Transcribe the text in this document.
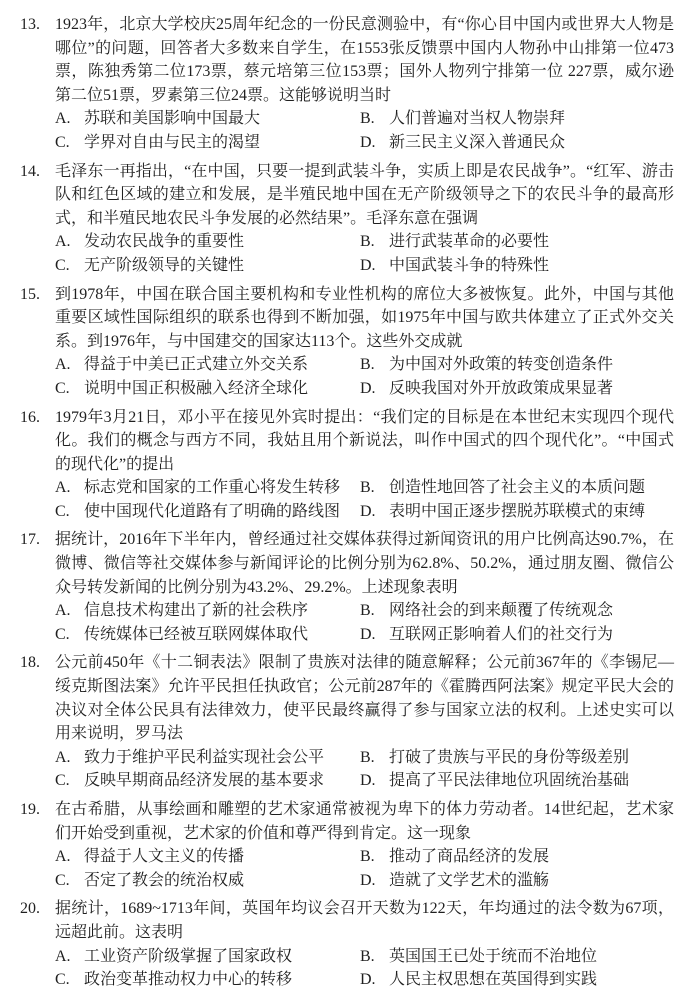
13. 1923年，北京大学校庆25周年纪念的一份民意测验中，有“你心目中国内或世界大人物是哪位”的问题，回答者大多数来自学生，在1553张反馈票中国内人物孙中山排第一位473票，陈独秀第二位173票，蔡元培第三位153票；国外人物列宁排第一位 227票，威尔逊第二位51票，罗素第三位24票。这能够说明当时

A. 苏联和美国影响中国最大	B. 人们普遍对当权人物崇拜
C. 学界对自由与民主的渴望	D. 新三民主义深入普通民众
14. 毛泽东一再指出，“在中国，只要一提到武装斗争，实质上即是农民战争”。“红军、游击队和红色区域的建立和发展，是半殖民地中国在无产阶级领导之下的农民斗争的最高形式，和半殖民地农民斗争发展的必然结果”。毛泽东意在强调

A. 发动农民战争的重要性	B. 进行武装革命的必要性
C. 无产阶级领导的关键性	D. 中国武装斗争的特殊性
15. 到1978年，中国在联合国主要机构和专业性机构的席位大多被恢复。此外，中国与其他重要区域性国际组织的联系也得到不断加强，如1975年中国与欧共体建立了正式外交关系。到1976年，与中国建交的国家达113个。这些外交成就

A. 得益于中美已正式建立外交关系	B. 为中国对外政策的转变创造条件
C. 说明中国正积极融入经济全球化	D. 反映我国对外开放政策成果显著
16. 1979年3月21日，邓小平在接见外宾时提出：“我们定的目标是在本世纪末实现四个现代化。我们的概念与西方不同，我姑且用个新说法，叫作中国式的四个现代化”。“中国式的现代化”的提出

A. 标志党和国家的工作重心将发生转移	B. 创造性地回答了社会主义的本质问题
C. 使中国现代化道路有了明确的路线图	D. 表明中国正逐步摆脱苏联模式的束缚
17. 据统计，2016年下半年内，曾经通过社交媒体获得过新闻资讯的用户比例高达90.7%，在微博、微信等社交媒体参与新闻评论的比例分别为62.8%、50.2%，通过朋友圈、微信公众号转发新闻的比例分别为43.2%、29.2%。上述现象表明

A. 信息技术构建出了新的社会秩序	B. 网络社会的到来颠覆了传统观念
C. 传统媒体已经被互联网媒体取代	D. 互联网正影响着人们的社交行为
18. 公元前450年《十二铜表法》限制了贵族对法律的随意解释；公元前367年的《李锡尼—绥克斯图法案》允许平民担任执政官；公元前287年的《霍腾西阿法案》规定平民大会的决议对全体公民具有法律效力，使平民最终赢得了参与国家立法的权利。上述史实可以用来说明，罗马法

A. 致力于维护平民利益实现社会公平	B. 打破了贵族与平民的身份等级差别
C. 反映早期商品经济发展的基本要求	D. 提高了平民法律地位巩固统治基础
19. 在古希腊，从事绘画和雕塑的艺术家通常被视为卑下的体力劳动者。14世纪起，艺术家们开始受到重视，艺术家的价值和尊严得到肯定。这一现象

A. 得益于人文主义的传播	B. 推动了商品经济的发展
C. 否定了教会的统治权威	D. 造就了文学艺术的滥觞
20. 据统计，1689~1713年间，英国年均议会召开天数为122天，年均通过的法令数为67项，远超此前。这表明

A. 工业资产阶级掌握了国家政权	B. 英国国王已处于统而不治地位
C. 政治变革推动权力中心的转移	D. 人民主权思想在英国得到实践
